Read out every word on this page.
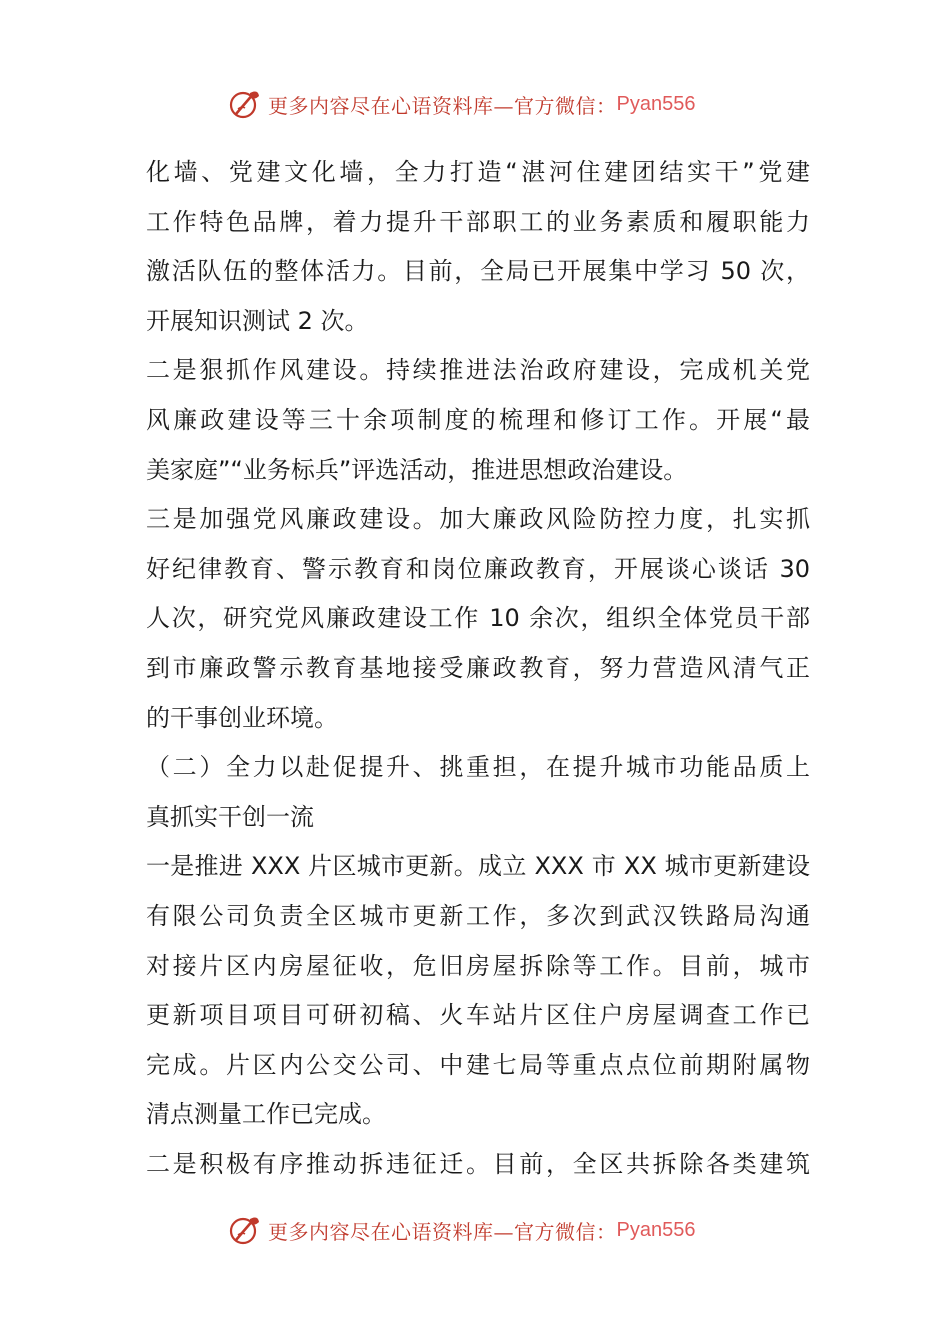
更多内容尽在心语资料库—官方微信： Pyan556
化墙、党建文化墙，全力打造“湛河住建团结实干”党建
工作特色品牌，着力提升干部职工的业务素质和履职能力
激活队伍的整体活力。目前，全局已开展集中学习 50 次，
开展知识测试 2 次。
二是狠抓作风建设。持续推进法治政府建设，完成机关党
风廉政建设等三十余项制度的梳理和修订工作。开展“最
美家庭”“业务标兵”评选活动，推进思想政治建设。
三是加强党风廉政建设。加大廉政风险防控力度，扎实抓
好纪律教育、警示教育和岗位廉政教育，开展谈心谈话 30
人次，研究党风廉政建设工作 10 余次，组织全体党员干部
到市廉政警示教育基地接受廉政教育，努力营造风清气正
的干事创业环境。
（二）全力以赴促提升、挑重担，在提升城市功能品质上
真抓实干创一流
一是推进 XXX 片区城市更新。成立 XXX 市 XX 城市更新建设
有限公司负责全区城市更新工作，多次到武汉铁路局沟通
对接片区内房屋征收，危旧房屋拆除等工作。目前，城市
更新项目项目可研初稿、火车站片区住户房屋调查工作已
完成。片区内公交公司、中建七局等重点点位前期附属物
清点测量工作已完成。
二是积极有序推动拆违征迁。目前，全区共拆除各类建筑
更多内容尽在心语资料库—官方微信： Pyan556
